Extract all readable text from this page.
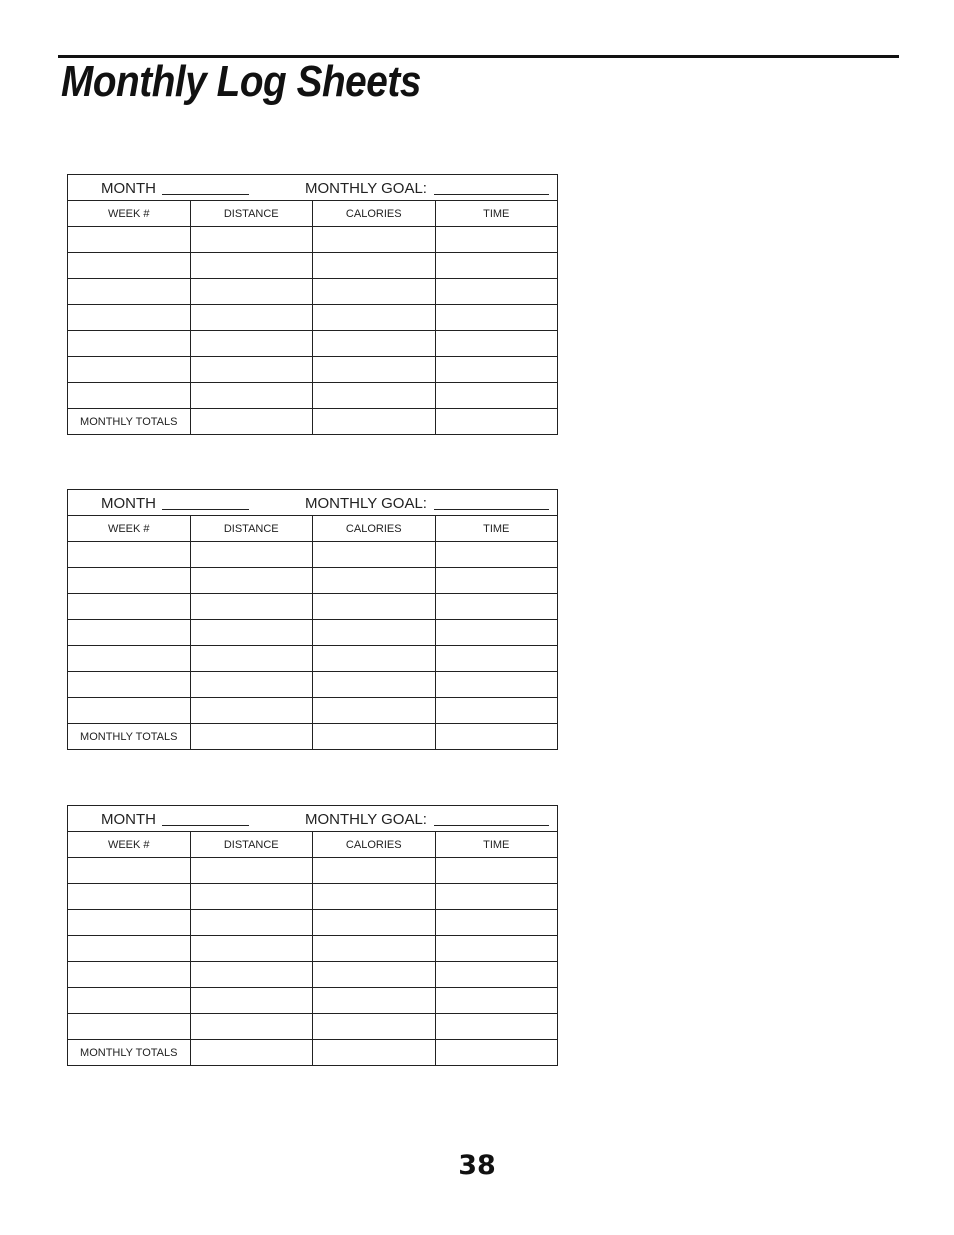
Monthly Log Sheets
MONTH MONTHLY GOAL:			

WEEK #	DISTANCE	CALORIES	TIME

MONTHLY TOTALS			
MONTH MONTHLY GOAL:			

WEEK #	DISTANCE	CALORIES	TIME

MONTHLY TOTALS			
MONTH MONTHLY GOAL:			

WEEK #	DISTANCE	CALORIES	TIME

MONTHLY TOTALS			
38
